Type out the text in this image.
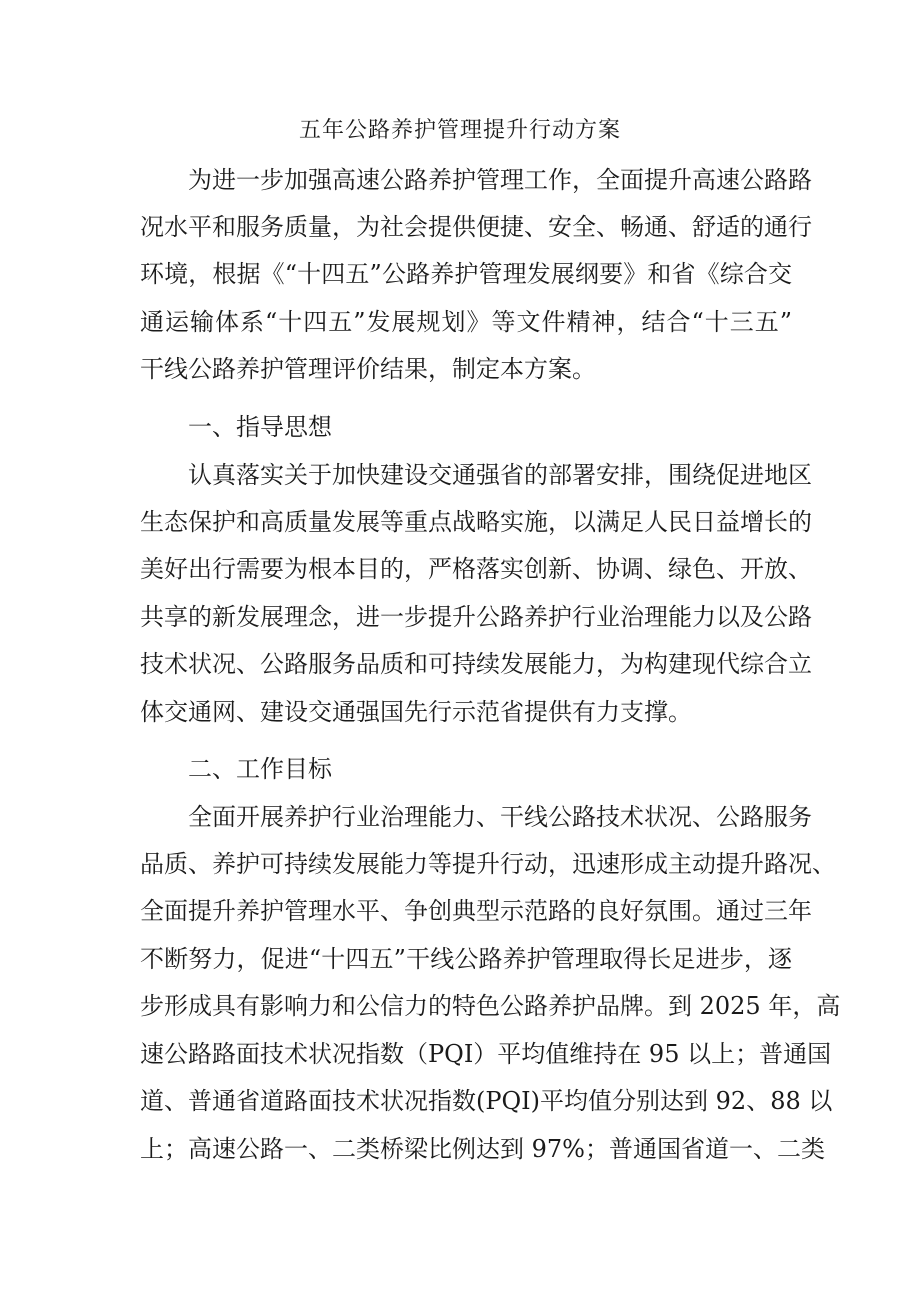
五年公路养护管理提升行动方案
为进一步加强高速公路养护管理工作，全面提升高速公路路
况水平和服务质量，为社会提供便捷、安全、畅通、舒适的通行
环境，根据《“十四五”公路养护管理发展纲要》和省《综合交
通运输体系“十四五”发展规划》等文件精神，结合“十三五”
干线公路养护管理评价结果，制定本方案。
一、指导思想
认真落实关于加快建设交通强省的部署安排，围绕促进地区
生态保护和高质量发展等重点战略实施，以满足人民日益增长的
美好出行需要为根本目的，严格落实创新、协调、绿色、开放、
共享的新发展理念，进一步提升公路养护行业治理能力以及公路
技术状况、公路服务品质和可持续发展能力，为构建现代综合立
体交通网、建设交通强国先行示范省提供有力支撑。
二、工作目标
全面开展养护行业治理能力、干线公路技术状况、公路服务
品质、养护可持续发展能力等提升行动，迅速形成主动提升路况、
全面提升养护管理水平、争创典型示范路的良好氛围。通过三年
不断努力，促进“十四五”干线公路养护管理取得长足进步，逐
步形成具有影响力和公信力的特色公路养护品牌。到 2025 年，高
速公路路面技术状况指数（PQI）平均值维持在 95 以上；普通国
道、普通省道路面技术状况指数(PQI)平均值分别达到 92、88 以
上；高速公路一、二类桥梁比例达到 97%；普通国省道一、二类
